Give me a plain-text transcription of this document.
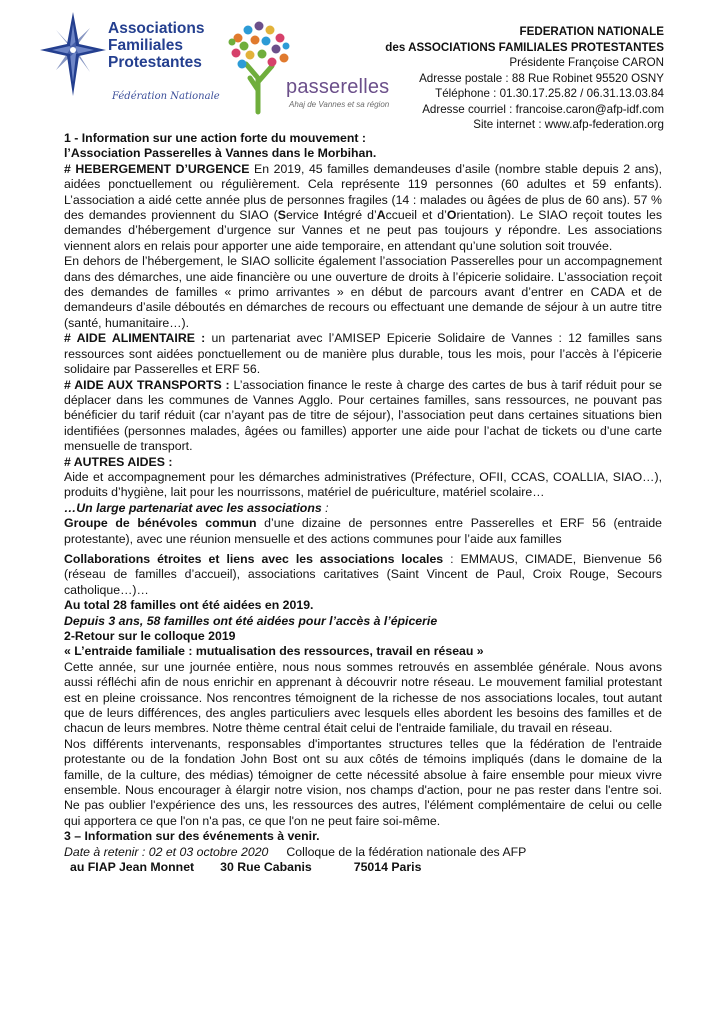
Associations
Familiales
Protestantes
Fédération Nationale	passerelles
Ahaj de Vannes et sa région
FEDERATION NATIONALE
des ASSOCIATIONS FAMILIALES PROTESTANTES
Présidente Françoise CARON
Adresse postale : 88 Rue Robinet 95520 OSNY
Téléphone : 01.30.17.25.82 / 06.31.13.03.84
Adresse courriel : francoise.caron@afp-idf.com
Site internet : www.afp-federation.org

1 - Information sur une action forte du mouvement :

l’Association Passerelles à Vannes dans le Morbihan.

# HEBERGEMENT D’URGENCE En 2019, 45 familles demandeuses d’asile (nombre stable depuis 2 ans), aidées ponctuellement ou régulièrement. Cela représente 119 personnes (60 adultes et 59 enfants). L’association a aidé cette année plus de personnes fragiles (14 : malades ou âgées de plus de 60 ans). 57 % des demandes proviennent du SIAO (Service Intégré d’Accueil et d’Orientation). Le SIAO reçoit toutes les demandes d’hébergement d’urgence sur Vannes et ne peut pas toujours y répondre. Les associations viennent alors en relais pour apporter une aide temporaire, en attendant qu’une solution soit trouvée.

En dehors de l’hébergement, le SIAO sollicite également l’association Passerelles pour un accompagnement dans des démarches, une aide financière ou une ouverture de droits à l’épicerie solidaire. L’association reçoit des demandes de familles « primo arrivantes » en début de parcours avant d’entrer en CADA et de demandeurs d’asile déboutés en démarches de recours ou effectuant une demande de séjour à un autre titre (santé, humanitaire…).

# AIDE ALIMENTAIRE : un partenariat avec l’AMISEP Epicerie Solidaire de Vannes : 12 familles sans ressources sont aidées ponctuellement ou de manière plus durable, tous les mois, pour l’accès à l’épicerie solidaire par Passerelles et ERF 56.

# AIDE AUX TRANSPORTS : L’association finance le reste à charge des cartes de bus à tarif réduit pour se déplacer dans les communes de Vannes Agglo. Pour certaines familles, sans ressources, ne pouvant pas bénéficier du tarif réduit (car n’ayant pas de titre de séjour), l’association peut dans certaines situations bien identifiées (personnes malades, âgées ou familles) apporter une aide pour l’achat de tickets ou d’une carte mensuelle de transport.

# AUTRES AIDES :

Aide et accompagnement pour les démarches administratives (Préfecture, OFII, CCAS, COALLIA, SIAO…), produits d’hygiène, lait pour les nourrissons, matériel de puériculture, matériel scolaire…

…Un large partenariat avec les associations :

Groupe de bénévoles commun d’une dizaine de personnes entre Passerelles et ERF 56 (entraide protestante), avec une réunion mensuelle et des actions communes pour l’aide aux familles

Collaborations étroites et liens avec les associations locales : EMMAUS, CIMADE, Bienvenue 56 (réseau de familles d’accueil), associations caritatives (Saint Vincent de Paul, Croix Rouge, Secours catholique…)…

Au total 28 familles ont été aidées en 2019.

Depuis 3 ans, 58 familles ont été aidées pour l’accès à l’épicerie

2-Retour sur le colloque 2019

« L’entraide familiale : mutualisation des ressources, travail en réseau »

Cette année, sur une journée entière, nous nous sommes retrouvés en assemblée générale. Nous avons aussi réfléchi afin de nous enrichir en apprenant à découvrir notre réseau. Le mouvement familial protestant est en pleine croissance. Nos rencontres témoignent de la richesse de nos associations locales, tout autant que de leurs différences, des angles particuliers avec lesquels elles abordent les besoins des familles et de chacun de leurs membres. Notre thème central était celui de l'entraide familiale, du travail en réseau.

Nos différents intervenants, responsables d'importantes structures telles que la fédération de l'entraide protestante ou de la fondation John Bost ont su aux côtés de témoins impliqués (dans le domaine de la famille, de la culture, des médias) témoigner de cette nécessité absolue à faire ensemble pour mieux vivre ensemble. Nous encourager à élargir notre vision, nos champs d'action, pour ne pas rester dans l'entre soi. Ne pas oublier l'expérience des uns, les ressources des autres, l'élément complémentaire de celui ou celle qui apportera ce que l'on n'a pas, ce que l'on ne peut faire soi-même.

3 – Information sur des événements à venir.

Date à retenir : 02 et 03 octobre 2020 Colloque de la fédération nationale des AFP

au FIAP Jean Monnet 30 Rue Cabanis	75014 Paris
